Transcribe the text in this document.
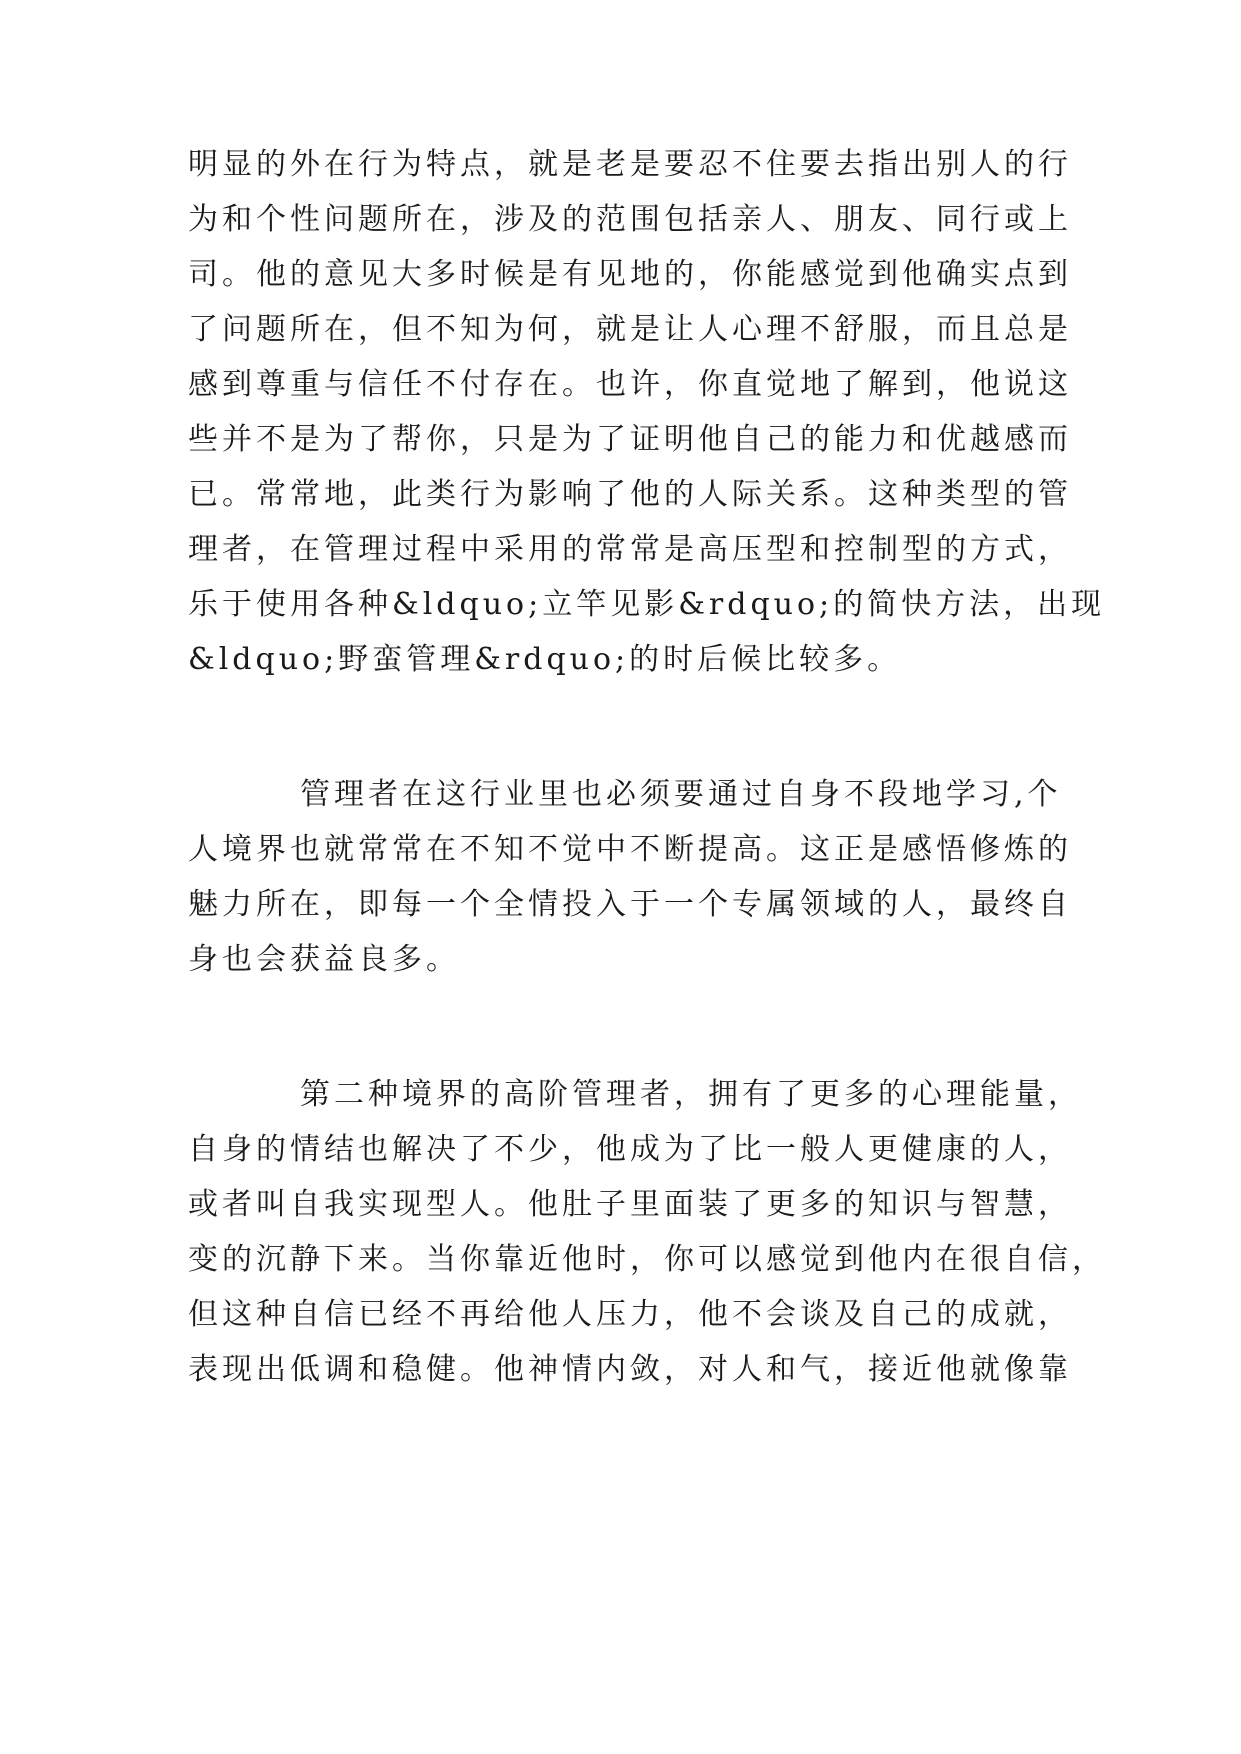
明显的外在行为特点，就是老是要忍不住要去指出别人的行
为和个性问题所在，涉及的范围包括亲人、朋友、同行或上
司。他的意见大多时候是有见地的，你能感觉到他确实点到
了问题所在，但不知为何，就是让人心理不舒服，而且总是
感到尊重与信任不付存在。也许，你直觉地了解到，他说这
些并不是为了帮你，只是为了证明他自己的能力和优越感而
已。常常地，此类行为影响了他的人际关系。这种类型的管
理者，在管理过程中采用的常常是高压型和控制型的方式，
乐于使用各种&ldquo;立竿见影&rdquo;的简快方法，出现
&ldquo;野蛮管理&rdquo;的时后候比较多。
管理者在这行业里也必须要通过自身不段地学习,个
人境界也就常常在不知不觉中不断提高。这正是感悟修炼的
魅力所在，即每一个全情投入于一个专属领域的人，最终自
身也会获益良多。
第二种境界的高阶管理者，拥有了更多的心理能量，
自身的情结也解决了不少，他成为了比一般人更健康的人，
或者叫自我实现型人。他肚子里面装了更多的知识与智慧，
变的沉静下来。当你靠近他时，你可以感觉到他内在很自信，
但这种自信已经不再给他人压力，他不会谈及自己的成就，
表现出低调和稳健。他神情内敛，对人和气，接近他就像靠
